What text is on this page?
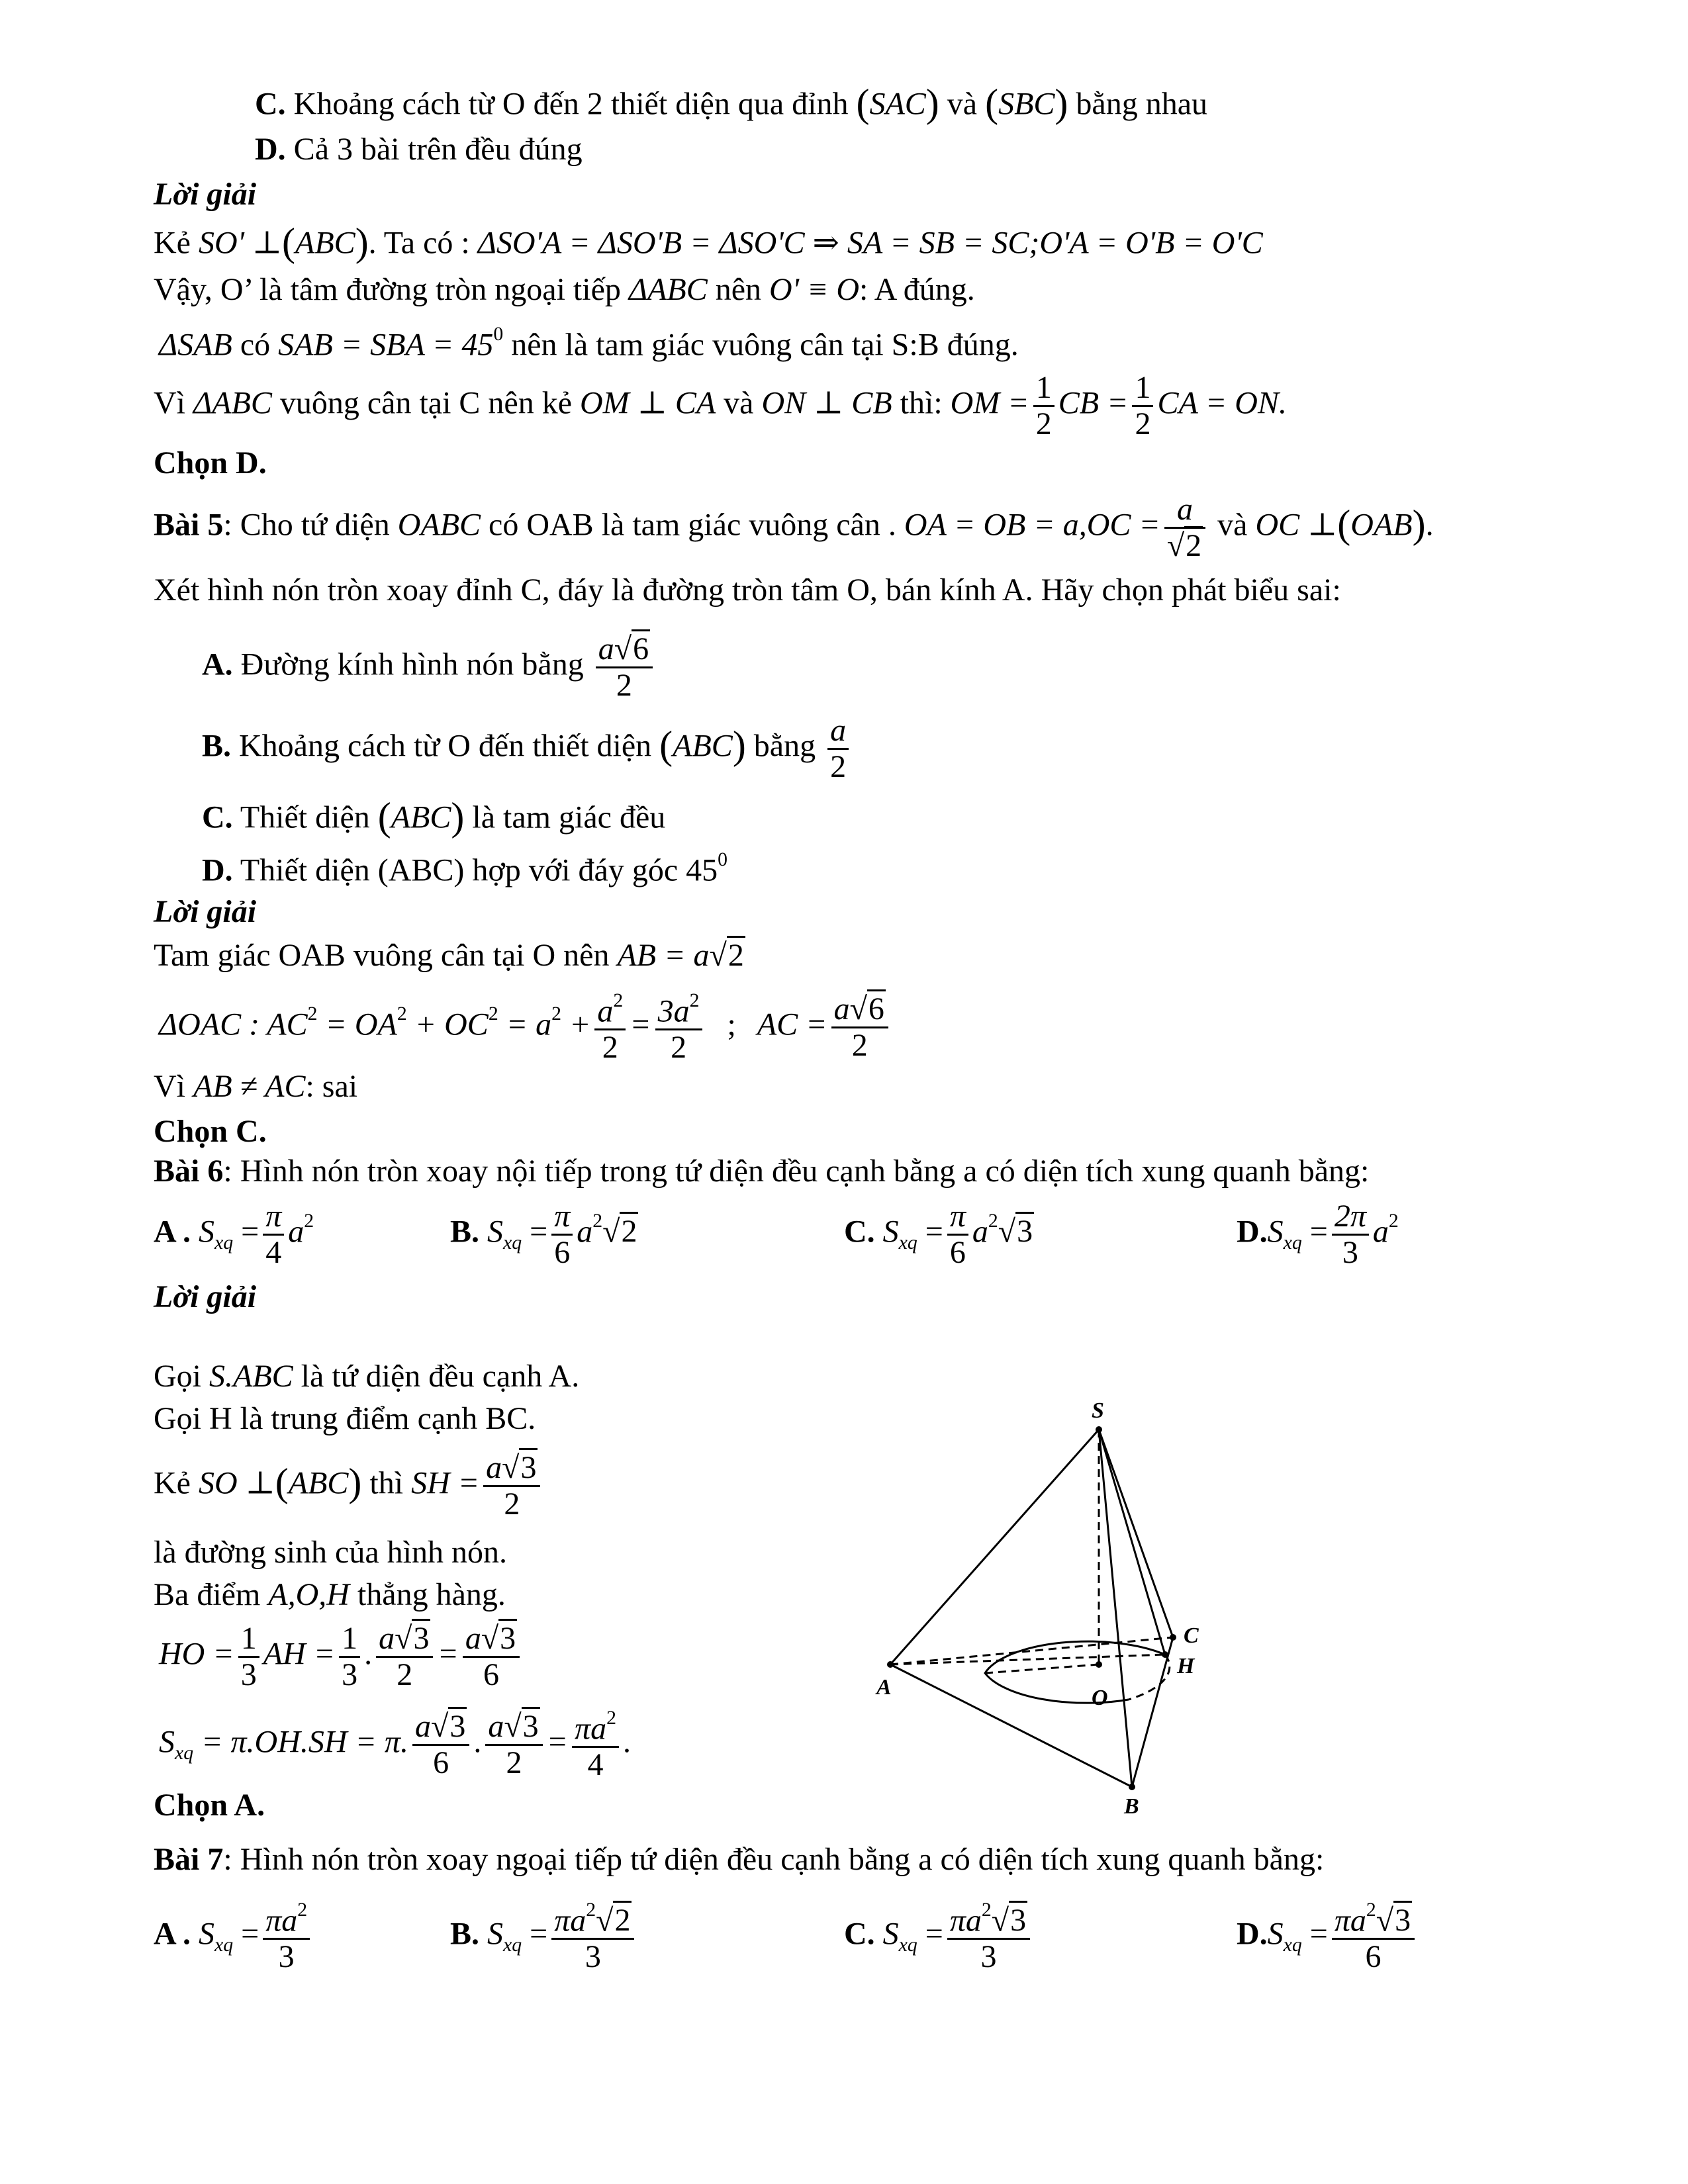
C. Khoảng cách từ O đến 2 thiết diện qua đỉnh (SAC) và (SBC) bằng nhau
D. Cả 3 bài trên đều đúng
Lời giải
Kẻ SO' ⊥(ABC). Ta có : ΔSO'A = ΔSO'B = ΔSO'C ⇒ SA = SB = SC;O'A = O'B = O'C
Vậy, O’ là tâm đường tròn ngoại tiếp ΔABC nên O' ≡ O: A đúng.
ΔSAB có SAB = SBA = $45^0$ nên là tam giác vuông cân tại S:B đúng.
Vì ΔABC vuông cân tại C nên kẻ OM ⊥ CA và ON ⊥ CB thì: OM = $\frac{1}{2}$ CB = $\frac{1}{2}$ CA = ON.
Chọn D.
Bài 5: Cho tứ diện OABC có OAB là tam giác vuông cân . OA = OB = $a,OC = \frac{a}{√2}$ và OC ⊥(OAB).
Xét hình nón tròn xoay đỉnh C, đáy là đường tròn tâm O, bán kính A. Hãy chọn phát biểu sai:
A. Đường kính hình nón bằng $\frac{a√6}{2}$
B. Khoảng cách từ O đến thiết diện (ABC) bằng $\frac{a}{2}$
C. Thiết diện (ABC) là tam giác đều
D. Thiết diện (ABC) hợp với đáy góc $45^0$
Lời giải
Tam giác OAB vuông cân tại O nên AB = a√2
ΔOAC : $AC^2 = OA^2 + OC^2 = a^2 + \frac{a^2}{2} = \frac{3a^2}{2}$ ; AC = $\frac{a√6}{2}$
Vì AB ≠ AC: sai
Chọn C.
Bài 6: Hình nón tròn xoay nội tiếp trong tứ diện đều cạnh bằng a có diện tích xung quanh bằng:
A . $S_{xq} = \frac{\pi}{4} a^2$	B. $S_{xq} = \frac{\pi}{6} a^2√2$	C. $S_{xq} = \frac{\pi}{6} a^2√3$	$D.S_{xq} = \frac{2\pi}{3} a^2$
Lời giải
Gọi S.ABC là tứ diện đều cạnh A.
Gọi H là trung điểm cạnh BC.
Kẻ SO ⊥(ABC) thì SH = $\frac{a√3}{2}$
là đường sinh của hình nón.
Ba điểm A,O,H thẳng hàng.
HO = $\frac{1}{3}$ AH = $\frac{1}{3}$ . $\frac{a√3}{2} = \frac{a√3}{6}$
$S_{xq} = \pi.OH.SH = \pi$. $\frac{a√3}{6}$ . $\frac{a√3}{2} = \frac{\pi a^2}{4}$ .
Chọn A.
S
A
C
B
O
H
Bài 7: Hình nón tròn xoay ngoại tiếp tứ diện đều cạnh bằng a có diện tích xung quanh bằng:
A . $S_{xq} = \frac{\pi a^2}{3}$	B. $S_{xq} = \frac{\pi a^2√2}{3}$	C. $S_{xq} = \frac{\pi a^2√3}{3}$	$D.S_{xq} = \frac{\pi a^2√3}{6}$
